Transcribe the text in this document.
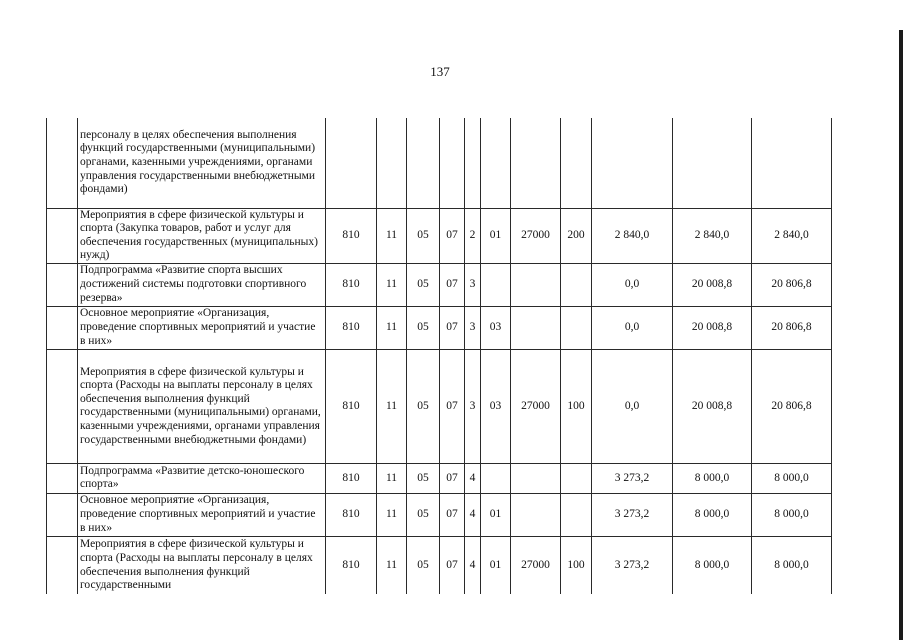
137
	персоналу в целях обеспечения выполнения функций государственными (муниципальными) органами, казенными учреждениями, органами управления государственными внебюджетными фондами)											
	Мероприятия в сфере физической культуры и спорта (Закупка товаров, работ и услуг для обеспечения государственных (муниципальных) нужд)	810	11	05	07	2	01	27000	200	2 840,0	2 840,0	2 840,0
	Подпрограмма «Развитие спорта высших достижений системы подготовки спортивного резерва»	810	11	05	07	3				0,0	20 008,8	20 806,8
	Основное мероприятие «Организация, проведение спортивных мероприятий и участие в них»	810	11	05	07	3	03			0,0	20 008,8	20 806,8
	Мероприятия в сфере физической культуры и спорта (Расходы на выплаты персоналу в целях обеспечения выполнения функций государственными (муниципальными) органами, казенными учреждениями, органами управления государственными внебюджетными фондами)	810	11	05	07	3	03	27000	100	0,0	20 008,8	20 806,8
	Подпрограмма «Развитие детско-юношеского спорта»	810	11	05	07	4				3 273,2	8 000,0	8 000,0
	Основное мероприятие «Организация, проведение спортивных мероприятий и участие в них»	810	11	05	07	4	01			3 273,2	8 000,0	8 000,0
	Мероприятия в сфере физической культуры и спорта (Расходы на выплаты персоналу в целях обеспечения выполнения функций государственными	810	11	05	07	4	01	27000	100	3 273,2	8 000,0	8 000,0
